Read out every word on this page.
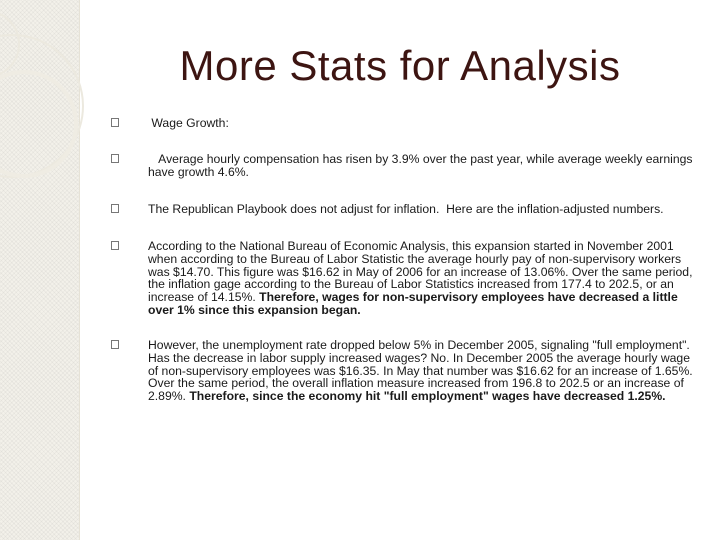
More Stats for Analysis
Wage Growth:
Average hourly compensation has risen by 3.9% over the past year, while average weekly earnings have growth 4.6%.
The Republican Playbook does not adjust for inflation.  Here are the inflation-adjusted numbers.
According to the National Bureau of Economic Analysis, this expansion started in November 2001 when according to the Bureau of Labor Statistic the average hourly pay of non-supervisory workers was $14.70. This figure was $16.62 in May of 2006 for an increase of 13.06%. Over the same period, the inflation gage according to the Bureau of Labor Statistics increased from 177.4 to 202.5, or an increase of 14.15%. Therefore, wages for non-supervisory employees have decreased a little over 1% since this expansion began.
However, the unemployment rate dropped below 5% in December 2005, signaling "full employment". Has the decrease in labor supply increased wages? No. In December 2005 the average hourly wage of non-supervisory employees was $16.35. In May that number was $16.62 for an increase of 1.65%. Over the same period, the overall inflation measure increased from 196.8 to 202.5 or an increase of 2.89%. Therefore, since the economy hit "full employment" wages have decreased 1.25%.
